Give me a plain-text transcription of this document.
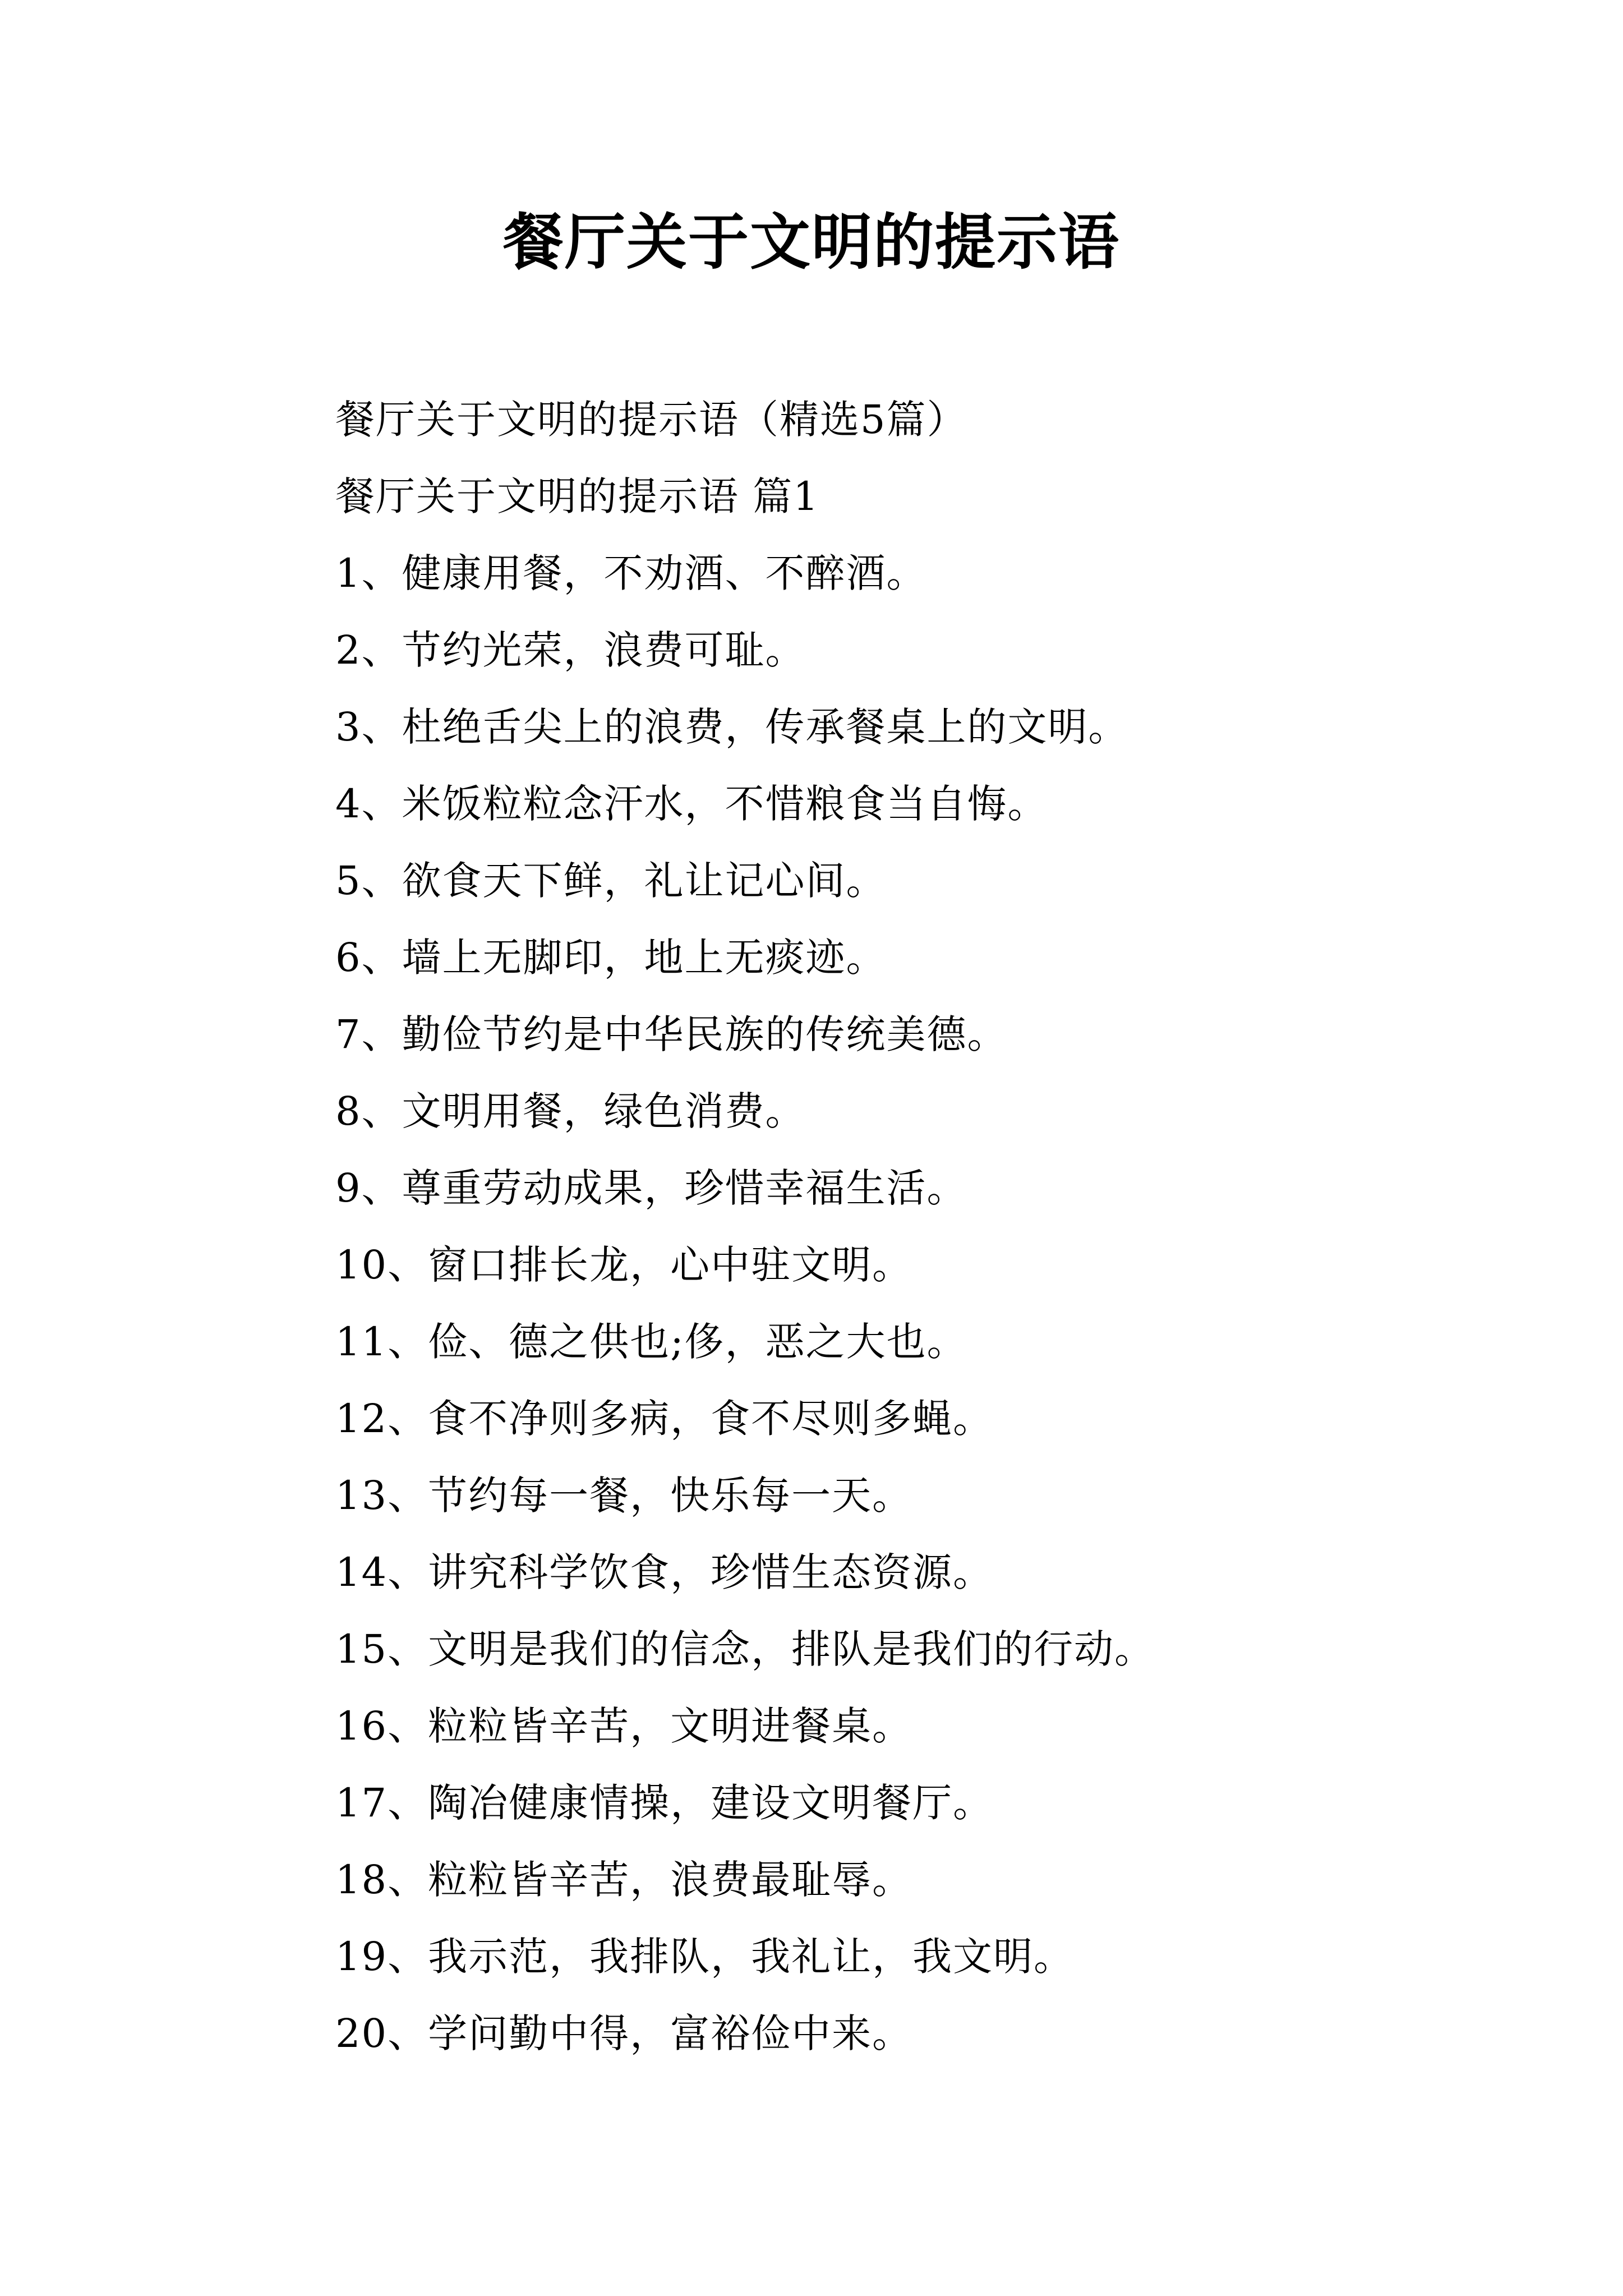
餐厅关于文明的提示语
餐厅关于文明的提示语（精选5篇）
餐厅关于文明的提示语 篇1
1、健康用餐，不劝酒、不醉酒。
2、节约光荣，浪费可耻。
3、杜绝舌尖上的浪费，传承餐桌上的文明。
4、米饭粒粒念汗水，不惜粮食当自悔。
5、欲食天下鲜，礼让记心间。
6、墙上无脚印，地上无痰迹。
7、勤俭节约是中华民族的传统美德。
8、文明用餐，绿色消费。
9、尊重劳动成果，珍惜幸福生活。
10、窗口排长龙，心中驻文明。
11、俭、德之供也;侈，恶之大也。
12、食不净则多病，食不尽则多蝇。
13、节约每一餐，快乐每一天。
14、讲究科学饮食，珍惜生态资源。
15、文明是我们的信念，排队是我们的行动。
16、粒粒皆辛苦，文明进餐桌。
17、陶冶健康情操，建设文明餐厅。
18、粒粒皆辛苦，浪费最耻辱。
19、我示范，我排队，我礼让，我文明。
20、学问勤中得，富裕俭中来。
